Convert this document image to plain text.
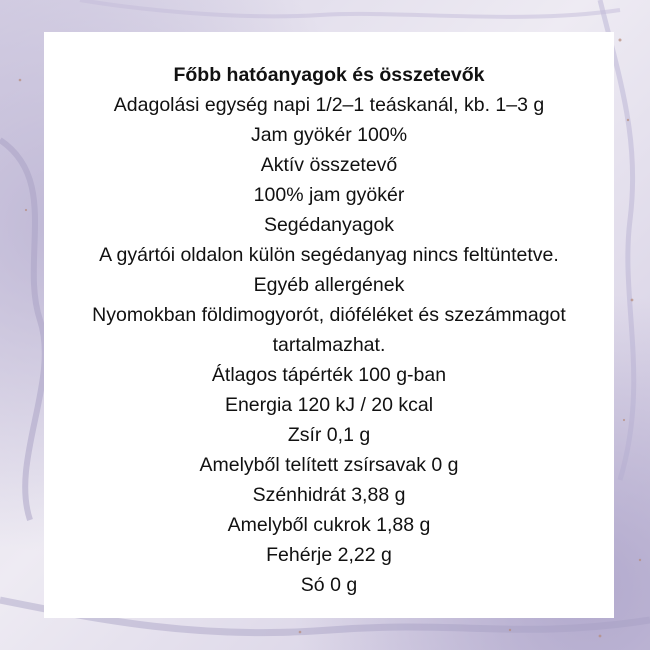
Főbb hatóanyagok és összetevők

Adagolási egység napi 1/2–1 teáskanál, kb. 1–3 g

Jam gyökér 100%

Aktív összetevő

100% jam gyökér

Segédanyagok

A gyártói oldalon külön segédanyag nincs feltüntetve.

Egyéb allergének

Nyomokban földimogyorót, dióféléket és szezámmagot

tartalmazhat.

Átlagos tápérték 100 g-ban

Energia 120 kJ / 20 kcal

Zsír 0,1 g

Amelyből telített zsírsavak 0 g

Szénhidrát 3,88 g

Amelyből cukrok 1,88 g

Fehérje 2,22 g

Só 0 g
